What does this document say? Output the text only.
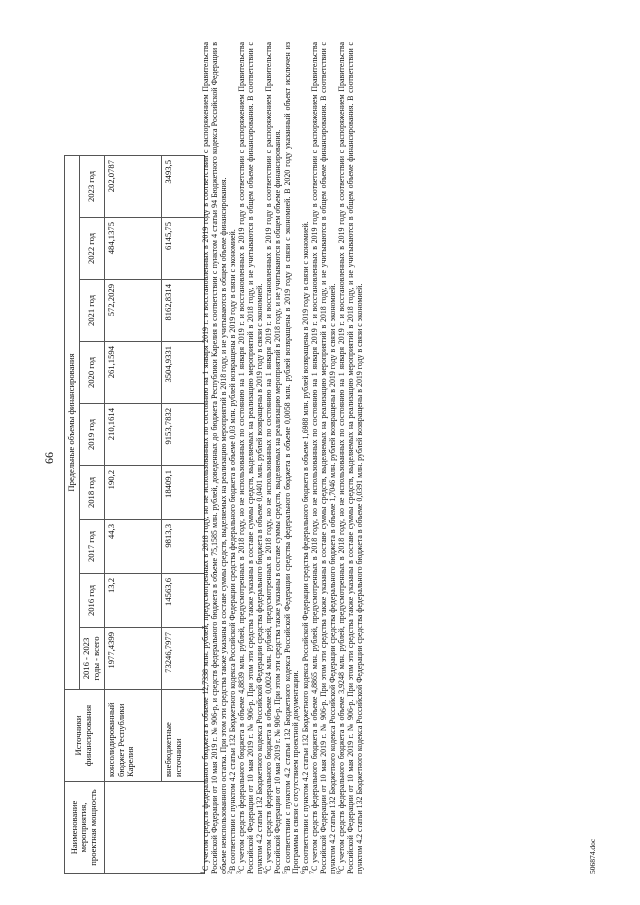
66
Наименование мероприятия, проектная мощность	Источники финансирования	Предельные объемы финансирования								
		2016 - 2023 годы - всего	2016 год	2017 год	2018 год	2019 год	2020 год	2021 год	2022 год	2023 год
	консолидированный бюджет Республики Карелия	1977,4399	13,2	44,3	190,2	210,1614	261,1594	572,2029	484,1375	202,0787
	внебюджетные источники	73246,7977	14563,6	9813,3	18409,1	9153,7832	3504,9331	8162,8314	6145,75	3493,5

$^1$С учетом средств федерального бюджета в объеме 12,7338 млн. рублей, предусмотренных в 2018 году, но не использованных по состоянию на 1 января 2019 г. и восстановленных в 2019 году в соответствии с распоряжением Правительства Российской Федерации от 10 мая 2019 г. № 906-р, и средств федерального бюджета в объеме 75,1585 млн. рублей, доведенных до бюджета Республики Карелия в соответствии с пунктом 4 статьи 94 Бюджетного кодекса Российской Федерации в объеме неиспользованного остатка. При этом эти средства также указаны в составе суммы средств, выделяемых на реализацию мероприятий в 2018 году, и не учитываются в общем объеме финансирования. $^2$В соответствии с пунктом 4.2 статьи 132 Бюджетного кодекса Российской Федерации средства федерального бюджета в объеме 0,03 млн. рублей возвращены в 2019 году в связи с экономией.

$^3$С учетом средств федерального бюджета в объеме 4,8839 млн. рублей, предусмотренных в 2018 году, но не использованных по состоянию на 1 января 2019 г. и восстановленных в 2019 году в соответствии с распоряжением Правительства Российской Федерации от 10 мая 2019 г. № 906-р. При этом эти средства также указаны в составе суммы средств, выделяемых на реализацию мероприятий в 2018 году, и не учитываются в общем объеме финансирования. В соответствии с пунктом 4.2 статьи 132 Бюджетного кодекса Российской Федерации средства федерального бюджета в объеме 0,0401 млн. рублей возвращены в 2019 году в связи с экономией. $^4$С учетом средств федерального бюджета в объеме 0,0024 млн. рублей, предусмотренных в 2018 году, но не использованных по состоянию на 1 января 2019 г. и восстановленных в 2019 году в соответствии с распоряжением Правительства Российской Федерации от 10 мая 2019 г. № 906-р. При этом эти средства также указаны в составе суммы средств, выделяемых на реализацию мероприятий в 2018 году, и не учитываются в общем объеме финансирования. $^5$В соответствии с пунктом 4.2 статьи 132 Бюджетного кодекса Российской Федерации средства федерального бюджета в объеме 0,0058 млн. рублей возвращены в 2019 году в связи с экономией. В 2020 году указанный объект исключен из Программы в связи с отсутствием проектной документации. $^6$В соответствии с пунктом 4.2 статьи 132 Бюджетного кодекса Российской Федерации средства федерального бюджета в объеме 1,6988 млн. рублей возвращены в 2019 году в связи с экономией.

$^7$С учетом средств федерального бюджета в объеме 4,8865 млн. рублей, предусмотренных в 2018 году, но не использованных по состоянию на 1 января 2019 г. и восстановленных в 2019 году в соответствии с распоряжением Правительства Российской Федерации от 10 мая 2019 г. № 906-р. При этом эти средства также указаны в составе суммы средств, выделяемых на реализацию мероприятий в 2018 году, и не учитываются в общем объеме финансирования. В соответствии с пунктом 4.2 статьи 132 Бюджетного кодекса Российской Федерации средства федерального бюджета в объеме 1,7046 млн. рублей возвращены в 2019 году в связи с экономией. $^8$С учетом средств федерального бюджета в объеме 3,9248 млн. рублей, предусмотренных в 2018 году, но не использованных по состоянию на 1 января 2019 г. и восстановленных в 2019 году в соответствии с распоряжением Правительства Российской Федерации от 10 мая 2019 г. № 906-р. При этом эти средства также указаны в составе суммы средств, выделяемых на реализацию мероприятий в 2018 году, и не учитываются в общем объеме финансирования. В соответствии с пунктом 4.2 статьи 132 Бюджетного кодекса Российской Федерации средства федерального бюджета в объеме 0,0391 млн. рублей возвращены в 2019 году в связи с экономией.	506874.doc
